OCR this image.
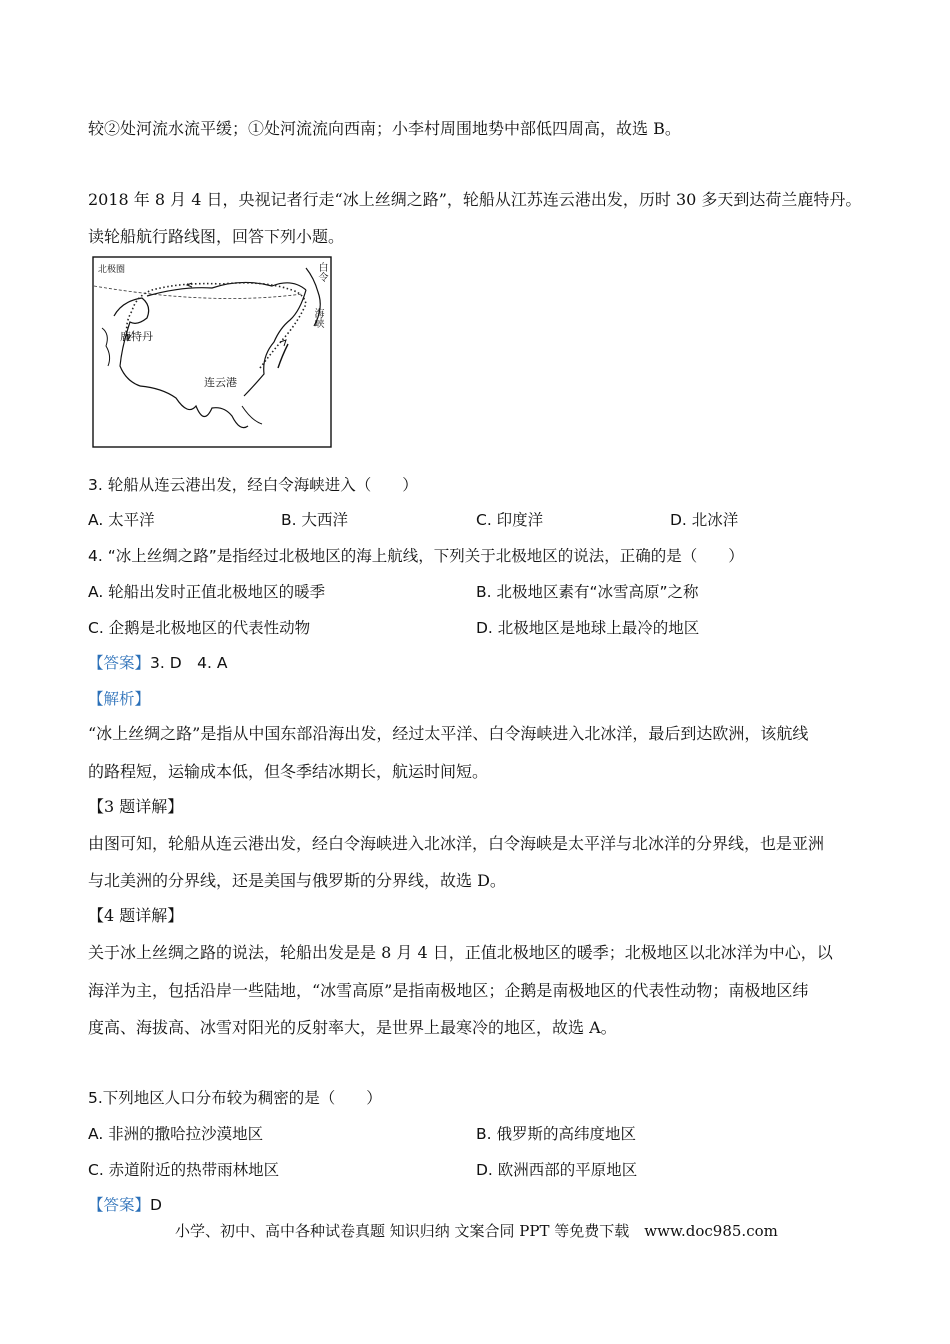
较②处河流水流平缓；①处河流流向西南；小李村周围地势中部低四周高，故选 B。
2018 年 8 月 4 日，央视记者行走“冰上丝绸之路”，轮船从江苏连云港出发，历时 30 多天到达荷兰鹿特丹。
读轮船航行路线图，回答下列小题。
北极圈
鹿特丹
连云港
白令
海峡
3. 轮船从连云港出发，经白令海峡进入（　　）
A. 太平洋	B. 大西洋	C. 印度洋	D. 北冰洋
4. “冰上丝绸之路”是指经过北极地区的海上航线，下列关于北极地区的说法，正确的是（　　）
A. 轮船出发时正值北极地区的暖季	B. 北极地区素有“冰雪高原”之称
C. 企鹅是北极地区的代表性动物	D. 北极地区是地球上最冷的地区
【答案】3. D　4. A
【解析】
“冰上丝绸之路”是指从中国东部沿海出发，经过太平洋、白令海峡进入北冰洋，最后到达欧洲，该航线
的路程短，运输成本低，但冬季结冰期长，航运时间短。
【3 题详解】
由图可知，轮船从连云港出发，经白令海峡进入北冰洋，白令海峡是太平洋与北冰洋的分界线，也是亚洲
与北美洲的分界线，还是美国与俄罗斯的分界线，故选 D。
【4 题详解】
关于冰上丝绸之路的说法，轮船出发是是 8 月 4 日，正值北极地区的暖季；北极地区以北冰洋为中心，以
海洋为主，包括沿岸一些陆地，“冰雪高原”是指南极地区；企鹅是南极地区的代表性动物；南极地区纬
度高、海拔高、冰雪对阳光的反射率大，是世界上最寒冷的地区，故选 A。
5.下列地区人口分布较为稠密的是（　　）
A. 非洲的撒哈拉沙漠地区	B. 俄罗斯的高纬度地区
C. 赤道附近的热带雨林地区	D. 欧洲西部的平原地区
【答案】D
小学、初中、高中各种试卷真题 知识归纳 文案合同 PPT 等免费下载　www.doc985.com
